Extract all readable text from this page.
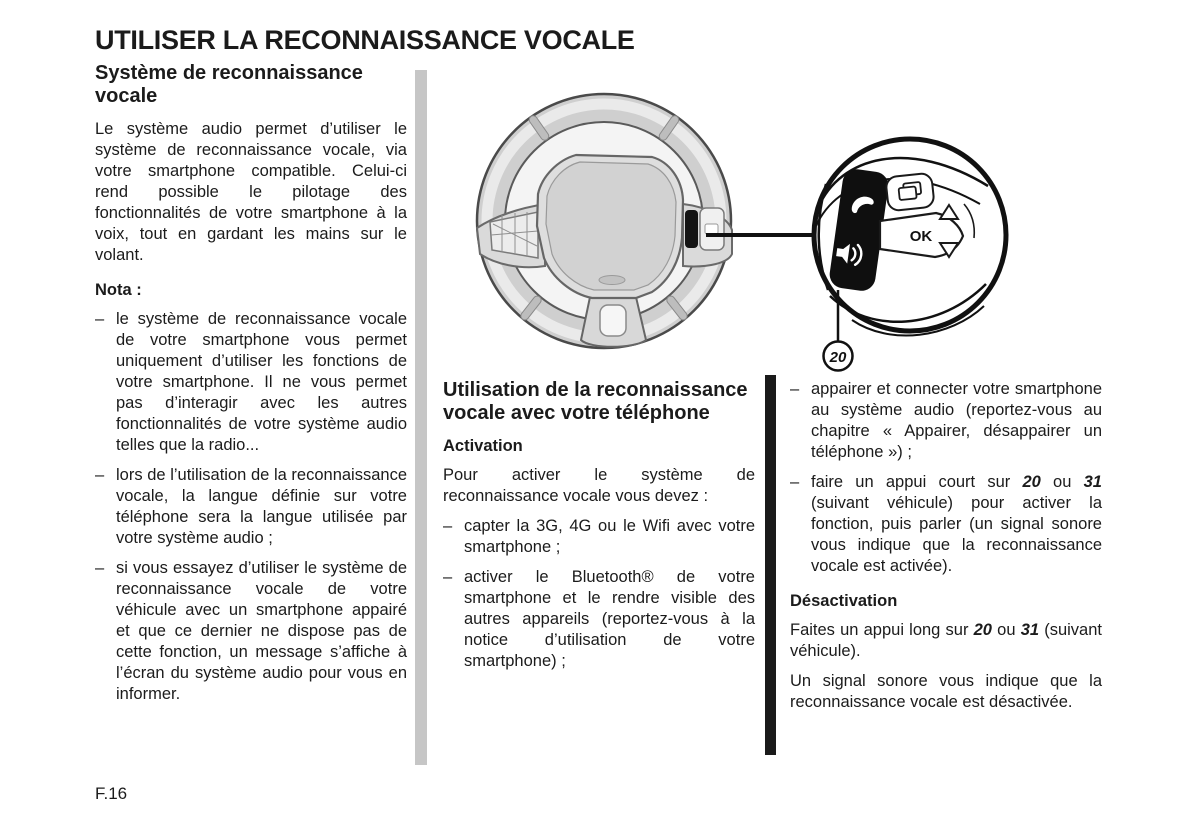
UTILISER LA RECONNAISSANCE VOCALE
Système de reconnaissance vocale

Le système audio permet d’utiliser le système de reconnaissance vocale, via votre smartphone compatible. Celui-ci rend possible le pilotage des fonctionnalités de votre smartphone à la voix, tout en gardant les mains sur le volant.

Nota :
– le système de reconnaissance vocale de votre smartphone vous permet uniquement d’utiliser les fonctions de votre smartphone. Il ne vous permet pas d’interagir avec les autres fonctionnalités de votre système audio telles que la radio...
– lors de l’utilisation de la reconnaissance vocale, la langue définie sur votre téléphone sera la langue utilisée par votre système audio ;
– si vous essayez d’utiliser le système de reconnaissance vocale de votre véhicule avec un smartphone appairé et que ce dernier ne dispose pas de cette fonction, un message s’affiche à l’écran du système audio pour vous en informer.
OK
20
Utilisation de la reconnaissance vocale avec votre téléphone
Activation

Pour activer le système de reconnaissance vocale vous devez :

– capter la 3G, 4G ou le Wifi avec votre smartphone ;
– activer le Bluetooth® de votre smartphone et le rendre visible des autres appareils (reportez-vous à la notice d’utilisation de votre smartphone) ;
– appairer et connecter votre smartphone au système audio (reportez-vous au chapitre « Appairer, désappairer un téléphone ») ;
– faire un appui court sur 20 ou 31 (suivant véhicule) pour activer la fonction, puis parler (un signal sonore vous indique que la reconnaissance vocale est activée).
Désactivation

Faites un appui long sur 20 ou 31 (suivant véhicule).

Un signal sonore vous indique que la reconnaissance vocale est désactivée.

F.16
